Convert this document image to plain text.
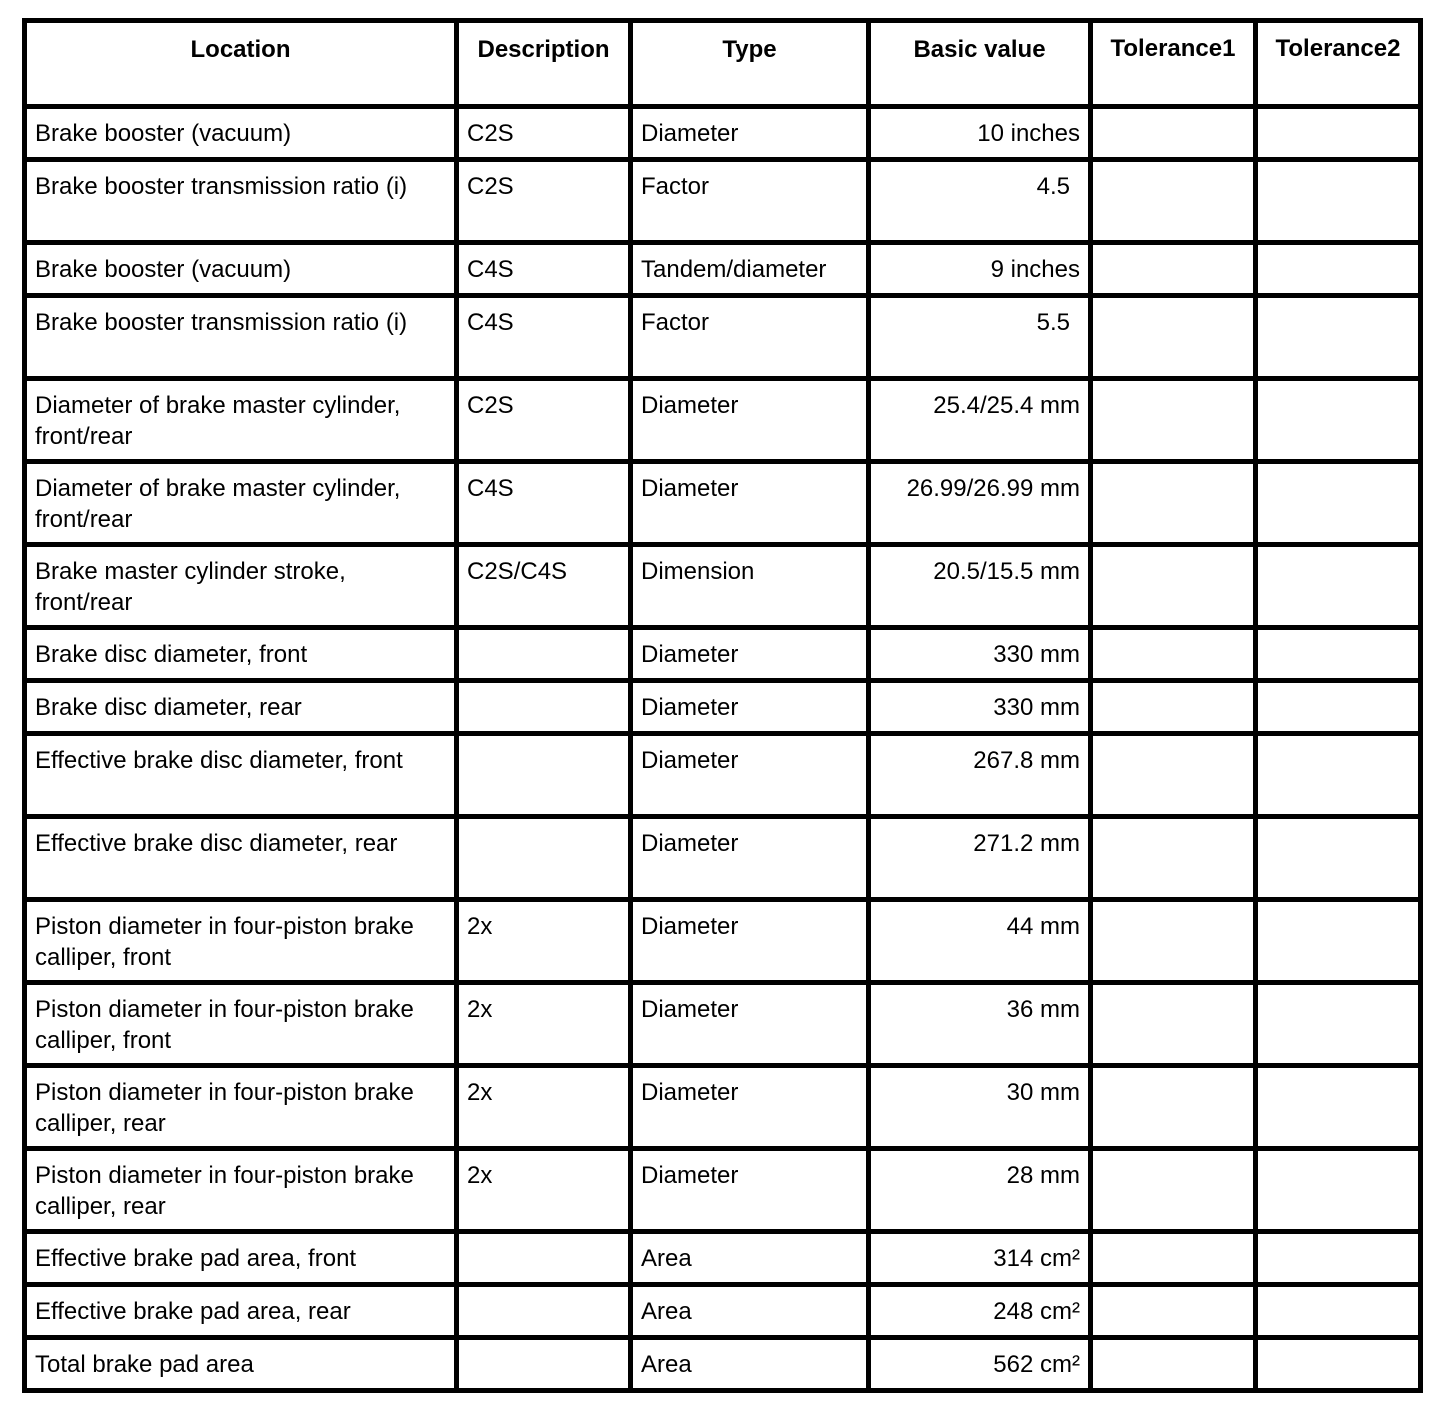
Location	Description	Type	Basic value	Tolerance1	Tolerance2
Brake booster (vacuum)	C2S	Diameter	10 inches		
Brake booster transmission ratio (i)	C2S	Factor	4.5		
Brake booster (vacuum)	C4S	Tandem/diameter	9 inches		
Brake booster transmission ratio (i)	C4S	Factor	5.5		
Diameter of brake master cylinder, front/rear	C2S	Diameter	25.4/25.4 mm		
Diameter of brake master cylinder, front/rear	C4S	Diameter	26.99/26.99 mm		
Brake master cylinder stroke, front/rear	C2S/C4S	Dimension	20.5/15.5 mm		
Brake disc diameter, front		Diameter	330 mm		
Brake disc diameter, rear		Diameter	330 mm		
Effective brake disc diameter, front		Diameter	267.8 mm		
Effective brake disc diameter, rear		Diameter	271.2 mm		
Piston diameter in four-piston brake calliper, front	2x	Diameter	44 mm		
Piston diameter in four-piston brake calliper, front	2x	Diameter	36 mm		
Piston diameter in four-piston brake calliper, rear	2x	Diameter	30 mm		
Piston diameter in four-piston brake calliper, rear	2x	Diameter	28 mm		
Effective brake pad area, front		Area	314 cm²		
Effective brake pad area, rear		Area	248 cm²		
Total brake pad area		Area	562 cm²		
